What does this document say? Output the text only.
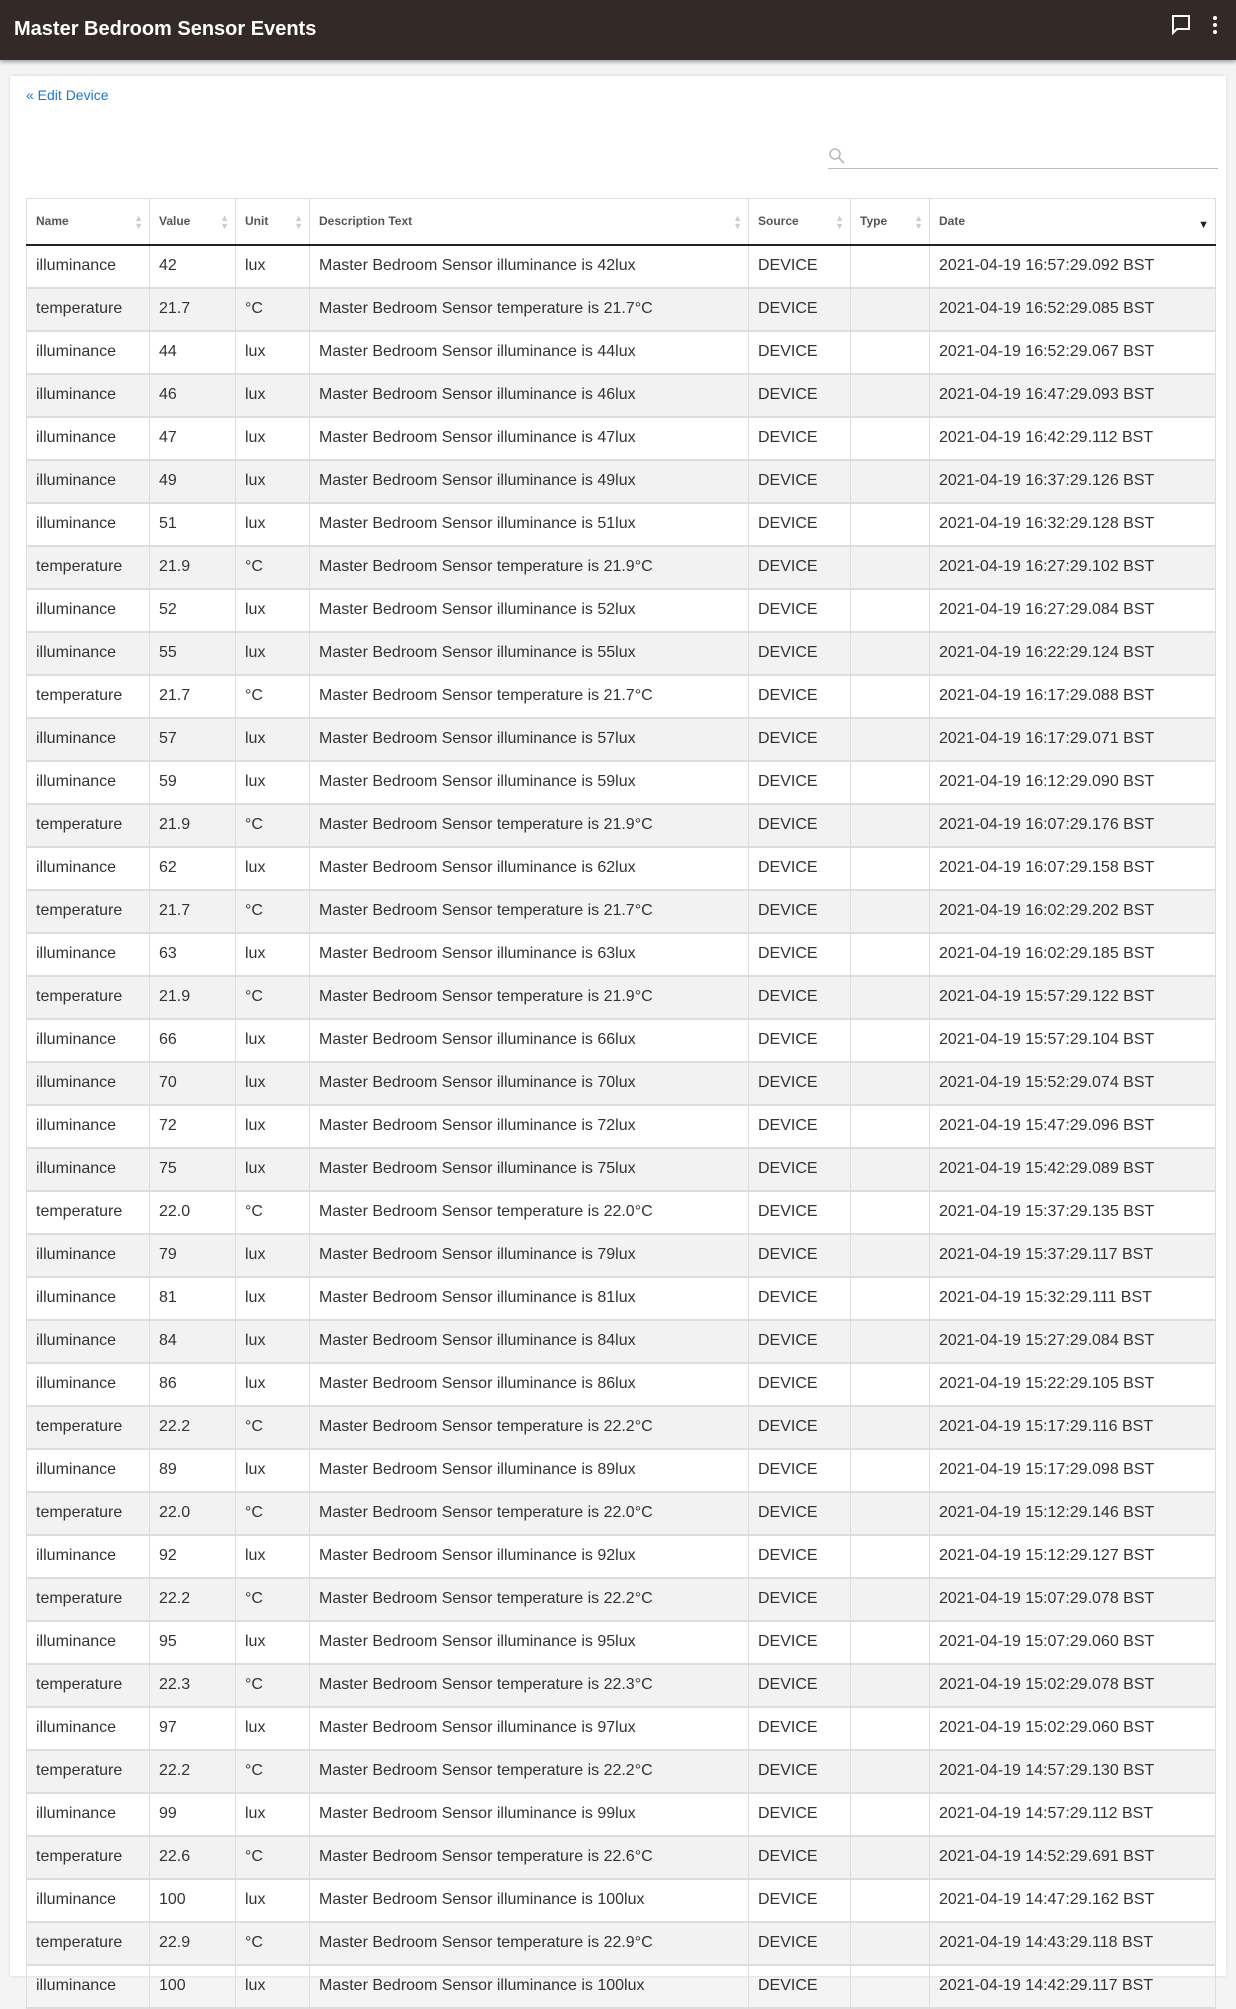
Master Bedroom Sensor Events
« Edit Device
Name ▲
▼	Value ▲
▼	Unit ▲
▼	Description Text ▲
▼	Source ▲
▼	Type ▲
▼	Date ▼

illuminance	42	lux	Master Bedroom Sensor illuminance is 42lux	DEVICE		2021-04-19 16:57:29.092 BST
temperature	21.7	°C	Master Bedroom Sensor temperature is 21.7°C	DEVICE		2021-04-19 16:52:29.085 BST
illuminance	44	lux	Master Bedroom Sensor illuminance is 44lux	DEVICE		2021-04-19 16:52:29.067 BST
illuminance	46	lux	Master Bedroom Sensor illuminance is 46lux	DEVICE		2021-04-19 16:47:29.093 BST
illuminance	47	lux	Master Bedroom Sensor illuminance is 47lux	DEVICE		2021-04-19 16:42:29.112 BST
illuminance	49	lux	Master Bedroom Sensor illuminance is 49lux	DEVICE		2021-04-19 16:37:29.126 BST
illuminance	51	lux	Master Bedroom Sensor illuminance is 51lux	DEVICE		2021-04-19 16:32:29.128 BST
temperature	21.9	°C	Master Bedroom Sensor temperature is 21.9°C	DEVICE		2021-04-19 16:27:29.102 BST
illuminance	52	lux	Master Bedroom Sensor illuminance is 52lux	DEVICE		2021-04-19 16:27:29.084 BST
illuminance	55	lux	Master Bedroom Sensor illuminance is 55lux	DEVICE		2021-04-19 16:22:29.124 BST
temperature	21.7	°C	Master Bedroom Sensor temperature is 21.7°C	DEVICE		2021-04-19 16:17:29.088 BST
illuminance	57	lux	Master Bedroom Sensor illuminance is 57lux	DEVICE		2021-04-19 16:17:29.071 BST
illuminance	59	lux	Master Bedroom Sensor illuminance is 59lux	DEVICE		2021-04-19 16:12:29.090 BST
temperature	21.9	°C	Master Bedroom Sensor temperature is 21.9°C	DEVICE		2021-04-19 16:07:29.176 BST
illuminance	62	lux	Master Bedroom Sensor illuminance is 62lux	DEVICE		2021-04-19 16:07:29.158 BST
temperature	21.7	°C	Master Bedroom Sensor temperature is 21.7°C	DEVICE		2021-04-19 16:02:29.202 BST
illuminance	63	lux	Master Bedroom Sensor illuminance is 63lux	DEVICE		2021-04-19 16:02:29.185 BST
temperature	21.9	°C	Master Bedroom Sensor temperature is 21.9°C	DEVICE		2021-04-19 15:57:29.122 BST
illuminance	66	lux	Master Bedroom Sensor illuminance is 66lux	DEVICE		2021-04-19 15:57:29.104 BST
illuminance	70	lux	Master Bedroom Sensor illuminance is 70lux	DEVICE		2021-04-19 15:52:29.074 BST
illuminance	72	lux	Master Bedroom Sensor illuminance is 72lux	DEVICE		2021-04-19 15:47:29.096 BST
illuminance	75	lux	Master Bedroom Sensor illuminance is 75lux	DEVICE		2021-04-19 15:42:29.089 BST
temperature	22.0	°C	Master Bedroom Sensor temperature is 22.0°C	DEVICE		2021-04-19 15:37:29.135 BST
illuminance	79	lux	Master Bedroom Sensor illuminance is 79lux	DEVICE		2021-04-19 15:37:29.117 BST
illuminance	81	lux	Master Bedroom Sensor illuminance is 81lux	DEVICE		2021-04-19 15:32:29.111 BST
illuminance	84	lux	Master Bedroom Sensor illuminance is 84lux	DEVICE		2021-04-19 15:27:29.084 BST
illuminance	86	lux	Master Bedroom Sensor illuminance is 86lux	DEVICE		2021-04-19 15:22:29.105 BST
temperature	22.2	°C	Master Bedroom Sensor temperature is 22.2°C	DEVICE		2021-04-19 15:17:29.116 BST
illuminance	89	lux	Master Bedroom Sensor illuminance is 89lux	DEVICE		2021-04-19 15:17:29.098 BST
temperature	22.0	°C	Master Bedroom Sensor temperature is 22.0°C	DEVICE		2021-04-19 15:12:29.146 BST
illuminance	92	lux	Master Bedroom Sensor illuminance is 92lux	DEVICE		2021-04-19 15:12:29.127 BST
temperature	22.2	°C	Master Bedroom Sensor temperature is 22.2°C	DEVICE		2021-04-19 15:07:29.078 BST
illuminance	95	lux	Master Bedroom Sensor illuminance is 95lux	DEVICE		2021-04-19 15:07:29.060 BST
temperature	22.3	°C	Master Bedroom Sensor temperature is 22.3°C	DEVICE		2021-04-19 15:02:29.078 BST
illuminance	97	lux	Master Bedroom Sensor illuminance is 97lux	DEVICE		2021-04-19 15:02:29.060 BST
temperature	22.2	°C	Master Bedroom Sensor temperature is 22.2°C	DEVICE		2021-04-19 14:57:29.130 BST
illuminance	99	lux	Master Bedroom Sensor illuminance is 99lux	DEVICE		2021-04-19 14:57:29.112 BST
temperature	22.6	°C	Master Bedroom Sensor temperature is 22.6°C	DEVICE		2021-04-19 14:52:29.691 BST
illuminance	100	lux	Master Bedroom Sensor illuminance is 100lux	DEVICE		2021-04-19 14:47:29.162 BST
temperature	22.9	°C	Master Bedroom Sensor temperature is 22.9°C	DEVICE		2021-04-19 14:43:29.118 BST
illuminance	100	lux	Master Bedroom Sensor illuminance is 100lux	DEVICE		2021-04-19 14:42:29.117 BST
